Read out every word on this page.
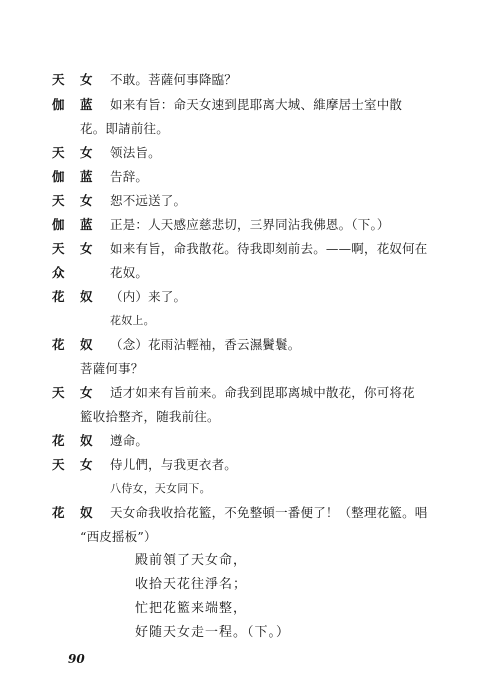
天 女 不敢。菩薩何事降臨？
伽 蓝 如来有旨：命天女速到毘耶离大城、維摩居士室中散
花。即請前往。
天 女 领法旨。
伽 蓝 告辞。
天 女 恕不远送了。
伽 蓝 正是：人天感应慈悲切，三界同沾我佛恩。（下。）
天 女 如来有旨，命我散花。待我即刻前去。——啊，花奴何在
众	花奴。
花 奴 （内）来了。
花奴上。
花 奴 （念）花雨沾輕袖，香云濕鬢鬟。
菩薩何事？
天 女 适才如来有旨前来。命我到毘耶离城中散花，你可将花
籃收拾整齐，随我前往。
花 奴 遵命。
天 女 侍儿們，与我更衣者。
八侍女，天女同下。
花 奴 天女命我收拾花籃，不免整頓一番便了！（整理花籃。唱
“西皮摇板”）
殿前領了天女命，
收拾天花往淨名；
忙把花籃来端整，
好随天女走一程。（下。）
90
